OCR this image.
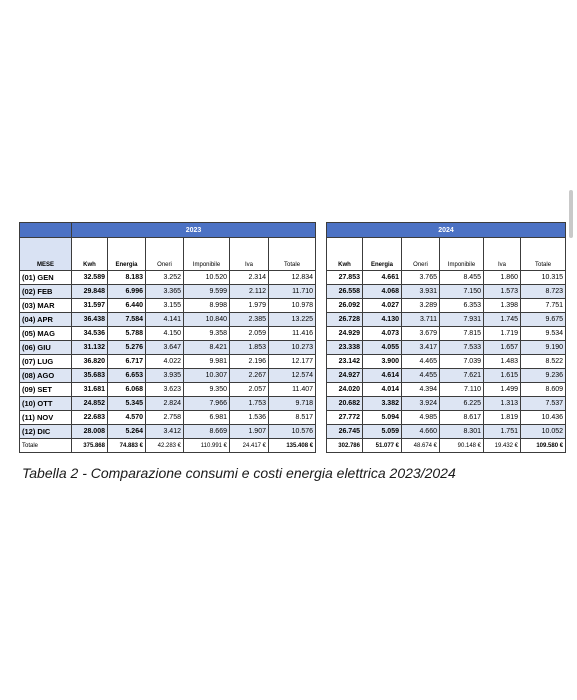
	2023					
MESE	Kwh	Energia	Oneri	Imponibile	Iva	Totale
(01) GEN	32.589	8.183	3.252	10.520	2.314	12.834
(02) FEB	29.848	6.996	3.365	9.599	2.112	11.710
(03) MAR	31.597	6.440	3.155	8.998	1.979	10.978
(04) APR	36.438	7.584	4.141	10.840	2.385	13.225
(05) MAG	34.536	5.788	4.150	9.358	2.059	11.416
(06) GIU	31.132	5.276	3.647	8.421	1.853	10.273
(07) LUG	36.820	6.717	4.022	9.981	2.196	12.177
(08) AGO	35.683	6.653	3.935	10.307	2.267	12.574
(09) SET	31.681	6.068	3.623	9.350	2.057	11.407
(10) OTT	24.852	5.345	2.824	7.966	1.753	9.718
(11) NOV	22.683	4.570	2.758	6.981	1.536	8.517
(12) DIC	28.008	5.264	3.412	8.669	1.907	10.576
Totale	375.868	74.883 €	42.283 €	110.991 €	24.417 €	135.408 €
2024					
Kwh	Energia	Oneri	Imponibile	Iva	Totale
27.853	4.661	3.765	8.455	1.860	10.315
26.558	4.068	3.931	7.150	1.573	8.723
26.092	4.027	3.289	6.353	1.398	7.751
26.728	4.130	3.711	7.931	1.745	9.675
24.929	4.073	3.679	7.815	1.719	9.534
23.338	4.055	3.417	7.533	1.657	9.190
23.142	3.900	4.465	7.039	1.483	8.522
24.927	4.614	4.455	7.621	1.615	9.236
24.020	4.014	4.394	7.110	1.499	8.609
20.682	3.382	3.924	6.225	1.313	7.537
27.772	5.094	4.985	8.617	1.819	10.436
26.745	5.059	4.660	8.301	1.751	10.052
302.786	51.077 €	48.674 €	90.148 €	19.432 €	109.580 €
Tabella 2 - Comparazione consumi e costi energia elettrica 2023/2024
